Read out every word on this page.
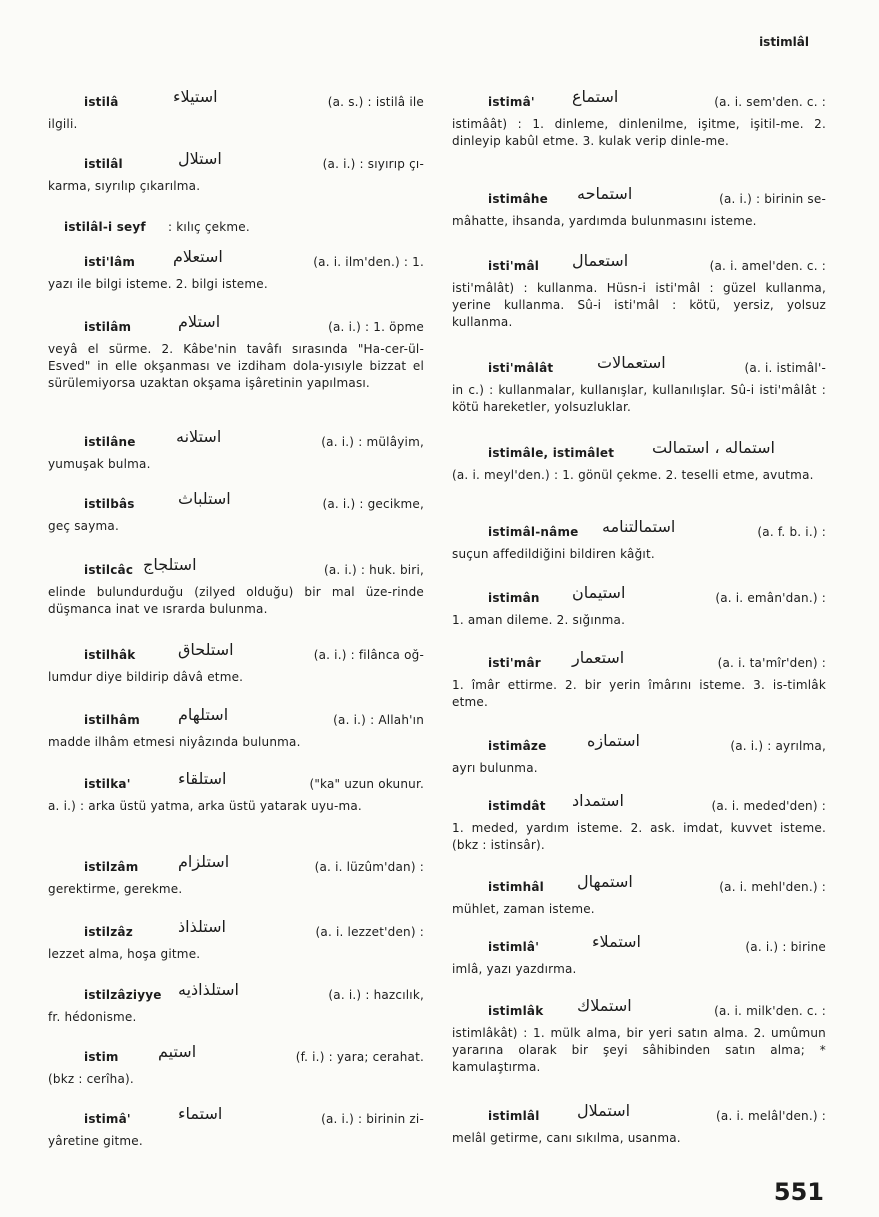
istimlâl
istilâ	استیلاء	(a. s.) : istilâ ile
ilgili.
istilâl	استلال	(a. i.) : sıyırıp çı-
karma, sıyrılıp çıkarılma.
istilâl-i seyf : kılıç çekme.
isti'lâm استعلام	(a. i. ilm'den.) : 1.
yazı ile bilgi isteme. 2. bilgi isteme.
istilâm	استلام	(a. i.) : 1. öpme
veyâ el sürme. 2. Kâbe'nin tavâfı sırasında "Ha-cer-ül-Esved" in elle okşanması ve izdiham dola-yısıyle bizzat el sürülemiyorsa uzaktan okşama işâretinin yapılması.
istilâne	استلانه	(a. i.) : mülâyim,
yumuşak bulma.
istilbâs	استلباث	(a. i.) : gecikme,
geç sayma.
istilcâc استلجاج	(a. i.) : huk. biri,
elinde bulundurduğu (zilyed olduğu) bir mal üze-rinde düşmanca inat ve ısrarda bulunma.
istilhâk	استلحاق	(a. i.) : filânca oğ-
lumdur diye bildirip dâvâ etme.
istilhâm استلهام	(a. i.) : Allah'ın
madde ilhâm etmesi niyâzında bulunma.
istilka'	استلقاء	("ka" uzun okunur.
a. i.) : arka üstü yatma, arka üstü yatarak uyu-ma.
istilzâm استلزام	(a. i. lüzûm'dan) :
gerektirme, gerekme.
istilzâz	استلذاذ	(a. i. lezzet'den) :
lezzet alma, hoşa gitme.
istilzâziyye استلذاذیه	(a. i.) : hazcılık,
fr. hédonisme.
istim استیم	(f. i.) : yara; cerahat.
(bkz : cerîha).
istimâ'	استماء	(a. i.) : birinin zi-
yâretine gitme.
istimâ' استماع	(a. i. sem'den. c. :
istimâât) : 1. dinleme, dinlenilme, işitme, işitil-me. 2. dinleyip kabûl etme. 3. kulak verip dinle-me.
istimâhe استماحه	(a. i.) : birinin se-
mâhatte, ihsanda, yardımda bulunmasını isteme.
isti'mâl استعمال	(a. i. amel'den. c. :
isti'mâlât) : kullanma. Hüsn-i isti'mâl : güzel kullanma, yerine kullanma. Sû-i isti'mâl : kötü, yersiz, yolsuz kullanma.
isti'mâlât	استعمالات	(a. i. istimâl'-
in c.) : kullanmalar, kullanışlar, kullanılışlar. Sû-i isti'mâlât : kötü hareketler, yolsuzluklar.
istimâle, istimâlet استماله ، استمالت
(a. i. meyl'den.) : 1. gönül çekme. 2. teselli etme, avutma.
istimâl-nâme استمالتنامه	(a. f. b. i.) :
suçun affedildiğini bildiren kâğıt.
istimân استیمان	(a. i. emân'dan.) :
1. aman dileme. 2. sığınma.
isti'mâr استعمار	(a. i. ta'mîr'den) :
1. îmâr ettirme. 2. bir yerin îmârını isteme. 3. is-timlâk etme.
istimâze	استمازه	(a. i.) : ayrılma,
ayrı bulunma.
istimdât استمداد	(a. i. meded'den) :
1. meded, yardım isteme. 2. ask. imdat, kuvvet isteme. (bkz : istinsâr).
istimhâl استمهال	(a. i. mehl'den.) :
mühlet, zaman isteme.
istimlâ'	استملاء	(a. i.) : birine
imlâ, yazı yazdırma.
istimlâk استملاك	(a. i. milk'den. c. :
istimlâkât) : 1. mülk alma, bir yeri satın alma. 2. umûmun yararına olarak bir şeyi sâhibinden satın alma; * kamulaştırma.
istimlâl استملال	(a. i. melâl'den.) :
melâl getirme, canı sıkılma, usanma.
551
